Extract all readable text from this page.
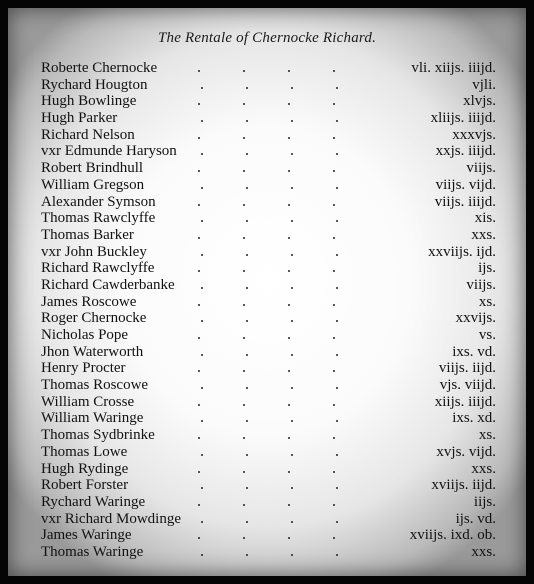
The Rentale of Chernocke Richard.
Roberte Chernocke	vli. xiijs. iiijd.
Rychard Hougton	vjli.
Hugh Bowlinge	xlvjs.
Hugh Parker	xliijs. iiijd.
Richard Nelson	xxxvjs.
vxr Edmunde Haryson	xxjs. iiijd.
Robert Brindhull	viijs.
William Gregson	viijs. vijd.
Alexander Symson	viijs. iiijd.
Thomas Rawclyffe	xis.
Thomas Barker	xxs.
vxr John Buckley	xxviijs. ijd.
Richard Rawclyffe	ijs.
Richard Cawderbanke	viijs.
James Roscowe	xs.
Roger Chernocke	xxvijs.
Nicholas Pope	vs.
Jhon Waterworth	ixs. vd.
Henry Procter	viijs. iijd.
Thomas Roscowe	vjs. viijd.
William Crosse	xiijs. iiijd.
William Waringe	ixs. xd.
Thomas Sydbrinke	xs.
Thomas Lowe	xvjs. vijd.
Hugh Rydinge	xxs.
Robert Forster	xviijs. iijd.
Rychard Waringe	iijs.
vxr Richard Mowdinge	ijs. vd.
James Waringe	xviijs. ixd. ob.
Thomas Waringe	xxs.
